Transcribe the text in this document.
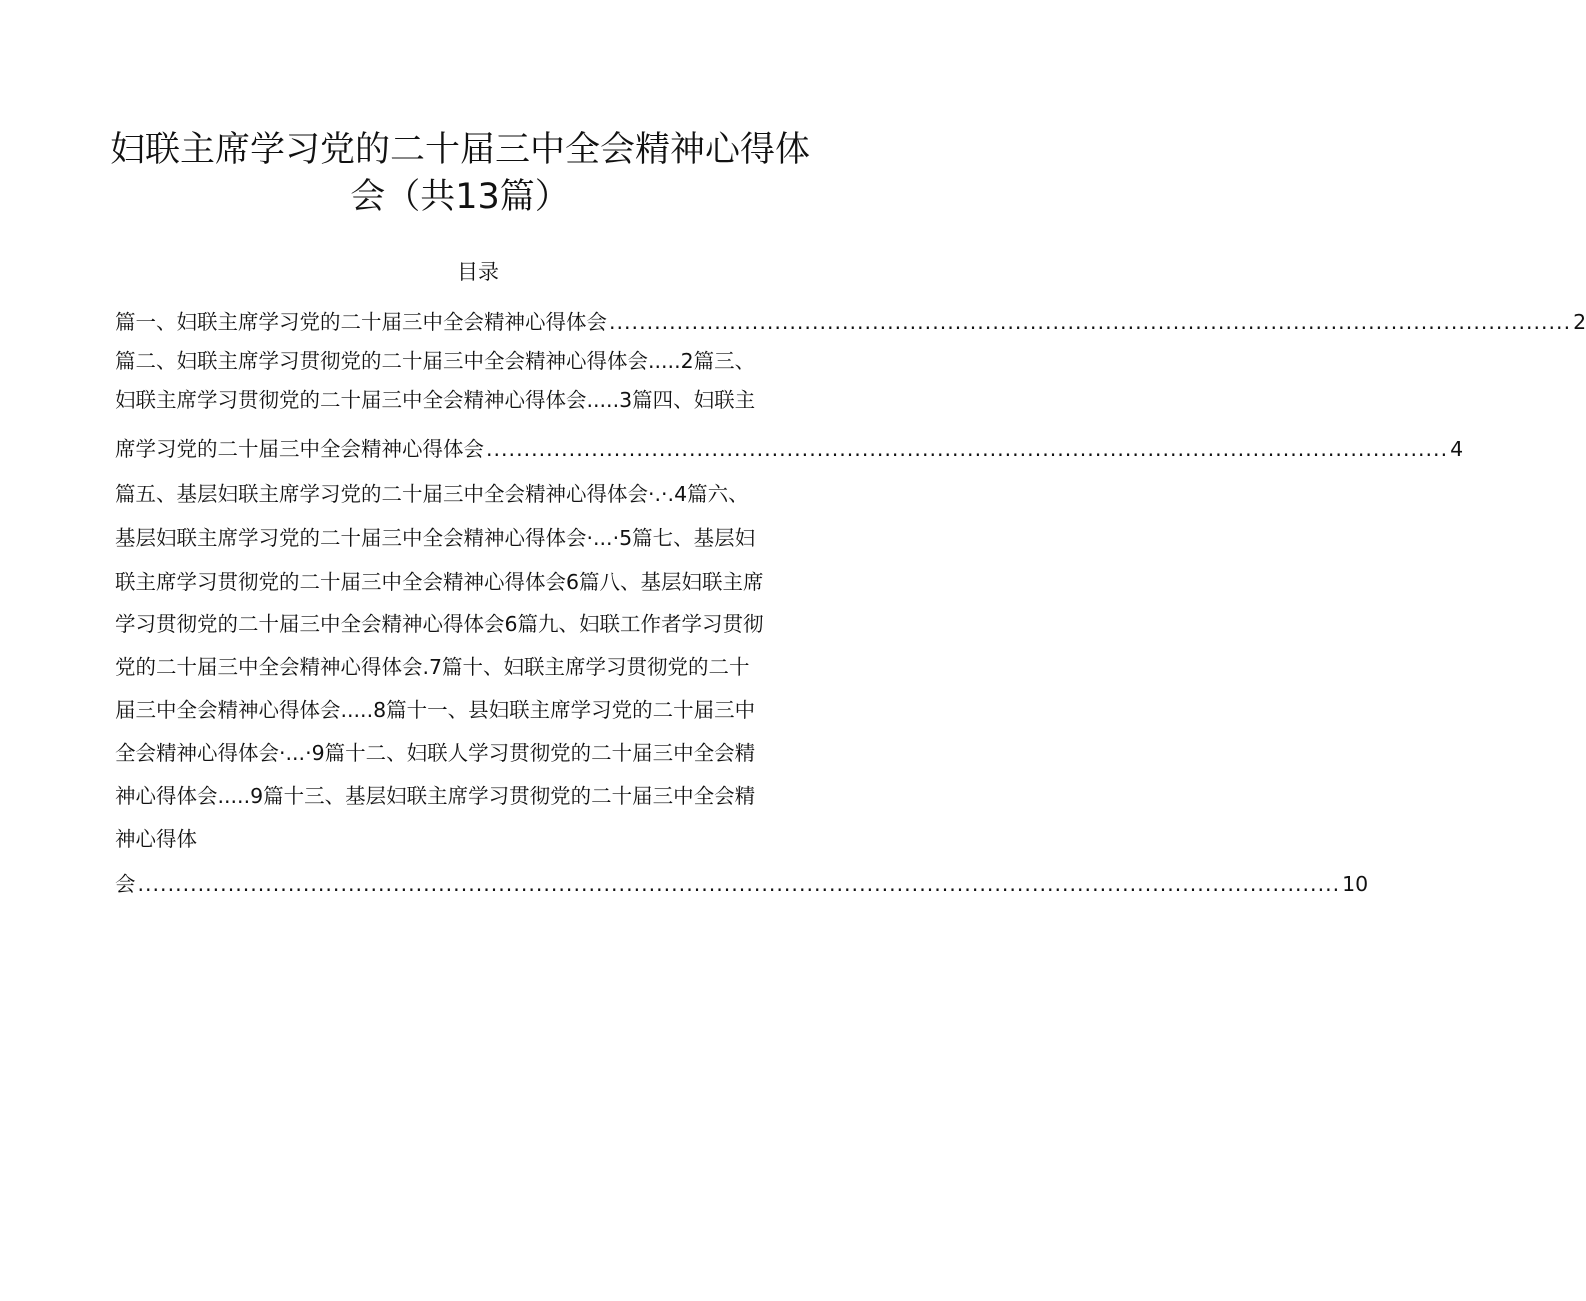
妇联主席学习党的二十届三中全会精神心得体
会（共13篇）
目录
篇一、妇联主席学习党的二十届三中全会精神心得体会 ................................................................................................................................ 2
篇二、妇联主席学习贯彻党的二十届三中全会精神心得体会.....2篇三、
妇联主席学习贯彻党的二十届三中全会精神心得体会.....3篇四、妇联主
席学习党的二十届三中全会精神心得体会 ................................................................................................................................ 4
篇五、基层妇联主席学习党的二十届三中全会精神心得体会·.·.4篇六、
基层妇联主席学习党的二十届三中全会精神心得体会·...·5篇七、基层妇
联主席学习贯彻党的二十届三中全会精神心得体会6篇八、基层妇联主席
学习贯彻党的二十届三中全会精神心得体会6篇九、妇联工作者学习贯彻
党的二十届三中全会精神心得体会.7篇十、妇联主席学习贯彻党的二十
届三中全会精神心得体会.....8篇十一、县妇联主席学习党的二十届三中
全会精神心得体会·...·9篇十二、妇联人学习贯彻党的二十届三中全会精
神心得体会.....9篇十三、基层妇联主席学习贯彻党的二十届三中全会精
神心得体
会 ................................................................................................................................................................ 10
